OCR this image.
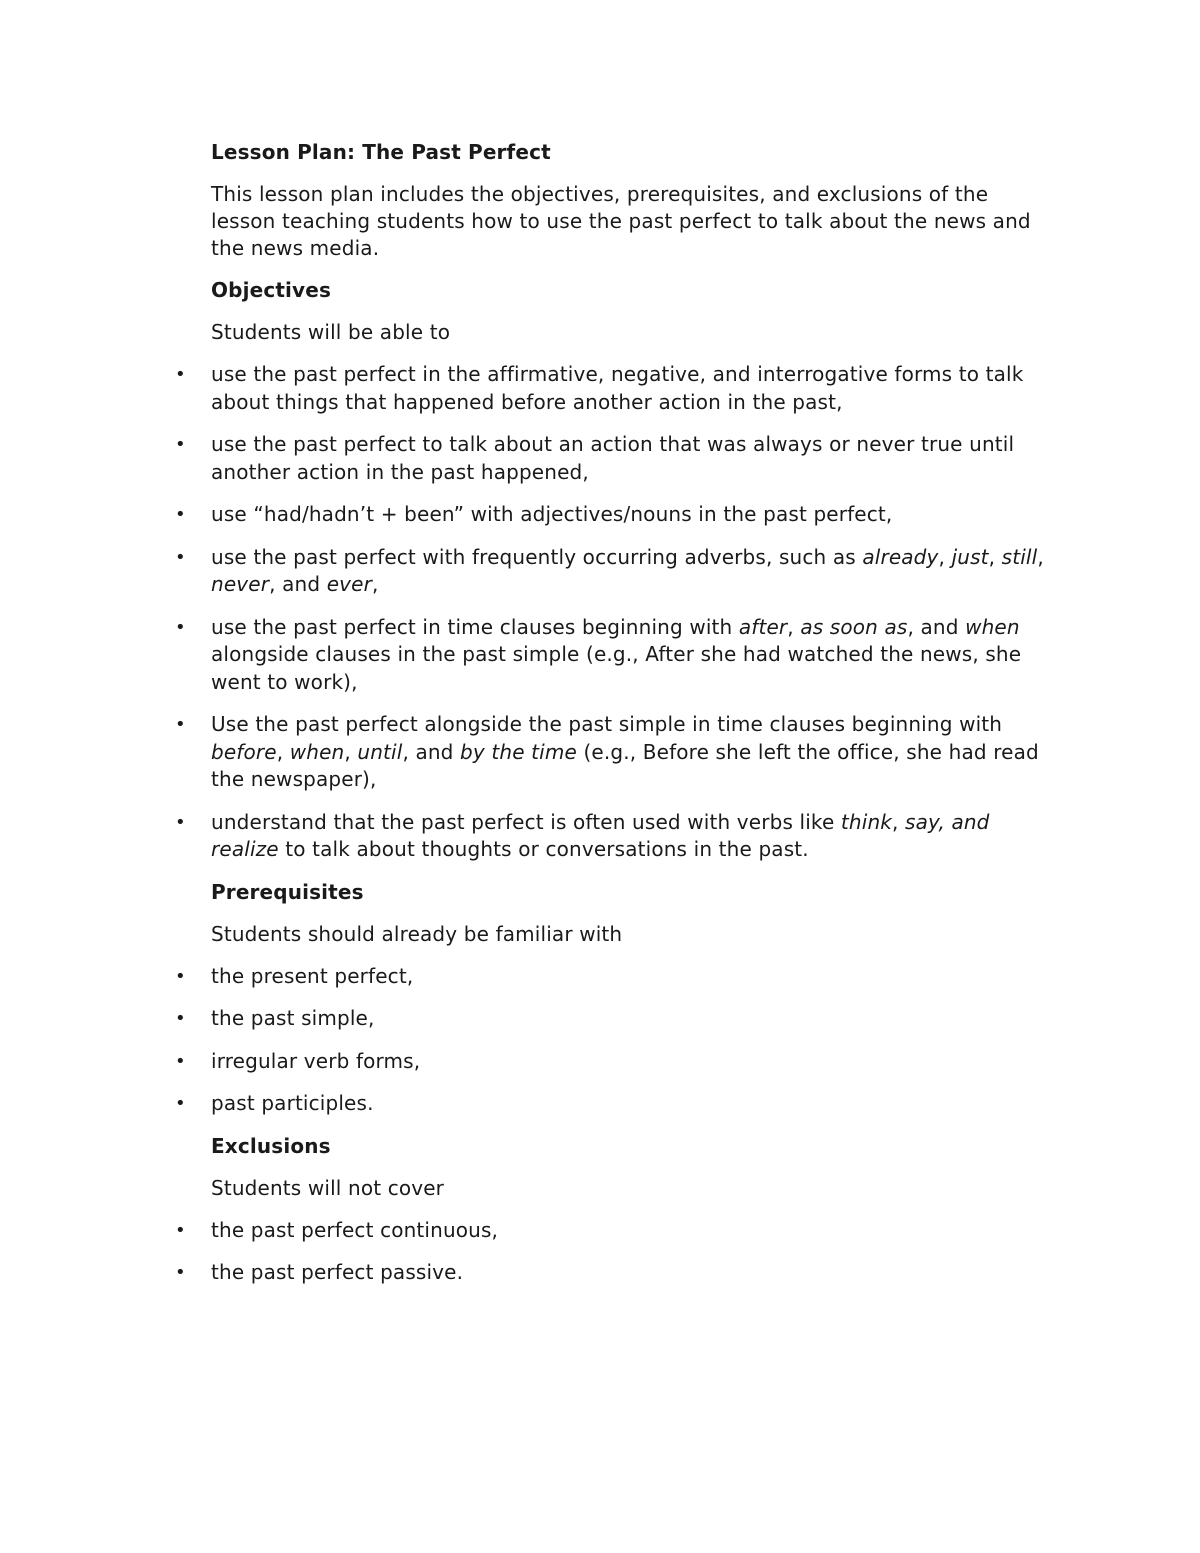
Lesson Plan: The Past Perfect
This lesson plan includes the objectives, prerequisites, and exclusions of the lesson teaching students how to use the past perfect to talk about the news and the news media.
Objectives
Students will be able to
• use the past perfect in the affirmative, negative, and interrogative forms to talk about things that happened before another action in the past,
• use the past perfect to talk about an action that was always or never true until another action in the past happened,
• use “had/hadn’t + been” with adjectives/nouns in the past perfect,
• use the past perfect with frequently occurring adverbs, such as already, just, still, never, and ever,
• use the past perfect in time clauses beginning with after, as soon as, and when alongside clauses in the past simple (e.g., After she had watched the news, she went to work),
• Use the past perfect alongside the past simple in time clauses beginning with before, when, until, and by the time (e.g., Before she left the office, she had read the newspaper),
• understand that the past perfect is often used with verbs like think, say, and realize to talk about thoughts or conversations in the past.
Prerequisites
Students should already be familiar with
• the present perfect,
• the past simple,
• irregular verb forms,
• past participles.
Exclusions
Students will not cover
• the past perfect continuous,
• the past perfect passive.
